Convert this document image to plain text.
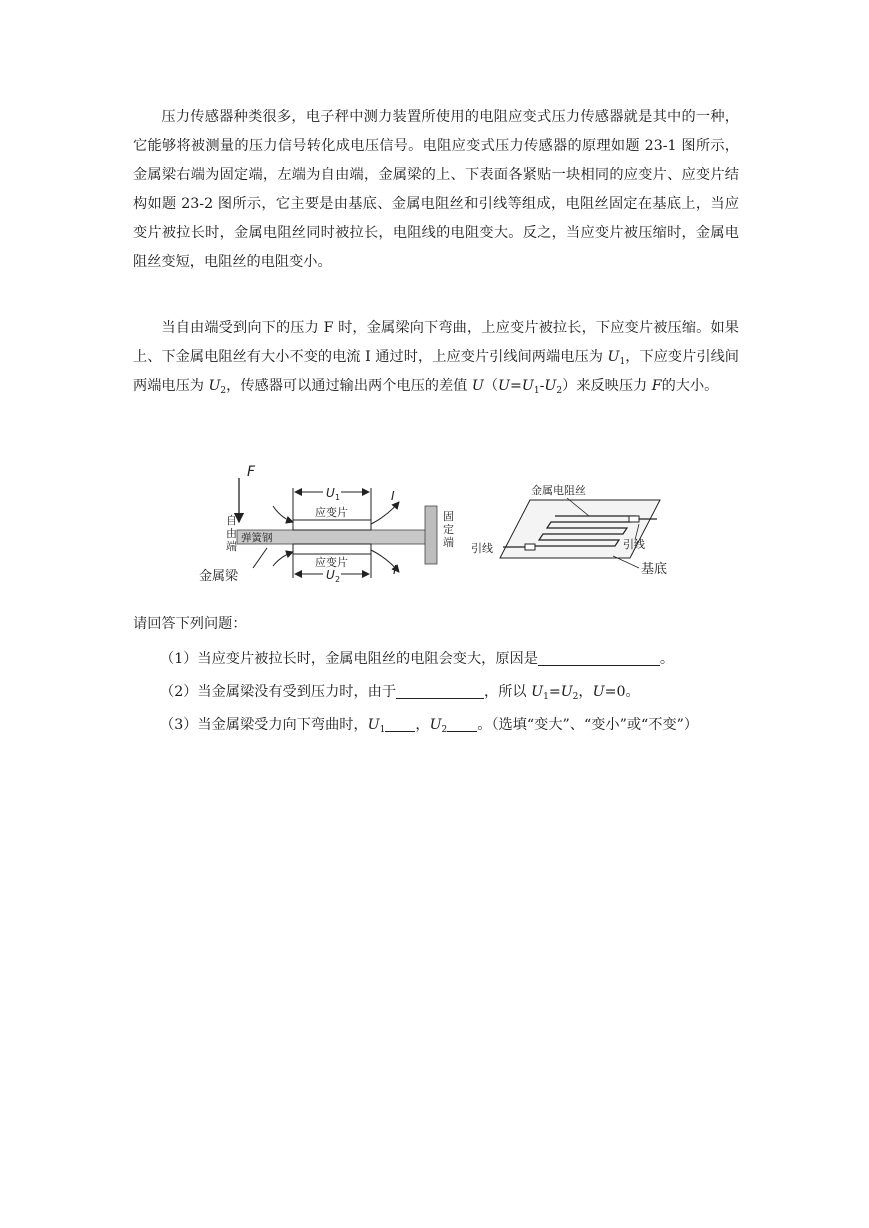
压力传感器种类很多，电子秤中测力装置所使用的电阻应变式压力传感器就是其中的一种，它能够将被测量的压力信号转化成电压信号。电阻应变式压力传感器的原理如题 23-1 图所示，金属梁右端为固定端，左端为自由端，金属梁的上、下表面各紧贴一块相同的应变片、应变片结构如题 23-2 图所示，它主要是由基底、金属电阻丝和引线等组成，电阻丝固定在基底上，当应变片被拉长时，金属电阻丝同时被拉长，电阻线的电阻变大。反之，当应变片被压缩时，金属电阻丝变短，电阻丝的电阻变小。

当自由端受到向下的压力 F 时，金属梁向下弯曲，上应变片被拉长，下应变片被压缩。如果上、下金属电阻丝有大小不变的电流 I 通过时，上应变片引线间两端电压为 $U_1$，下应变片引线间两端电压为 $U_2$，传感器可以通过输出两个电压的差值 $U(U=U_1-U_2)$来反映压力 F的大小。

F
自
由
端
弹簧钢
应变片
应变片
U 1
U 2
I
I
固
定
端
金属梁
金属电阻丝
引线	引线
基底

请回答下列问题：

（1）当应变片被拉长时，金属电阻丝的电阻会变大，原因是	。

（2）当金属梁没有受到压力时，由于	，所以 $U_1=U_2$，U=0。

（3）当金属梁受力向下弯曲时，$U_1$ ，$U_2$ 。（选填“变大”、“变小”或“不变”）
